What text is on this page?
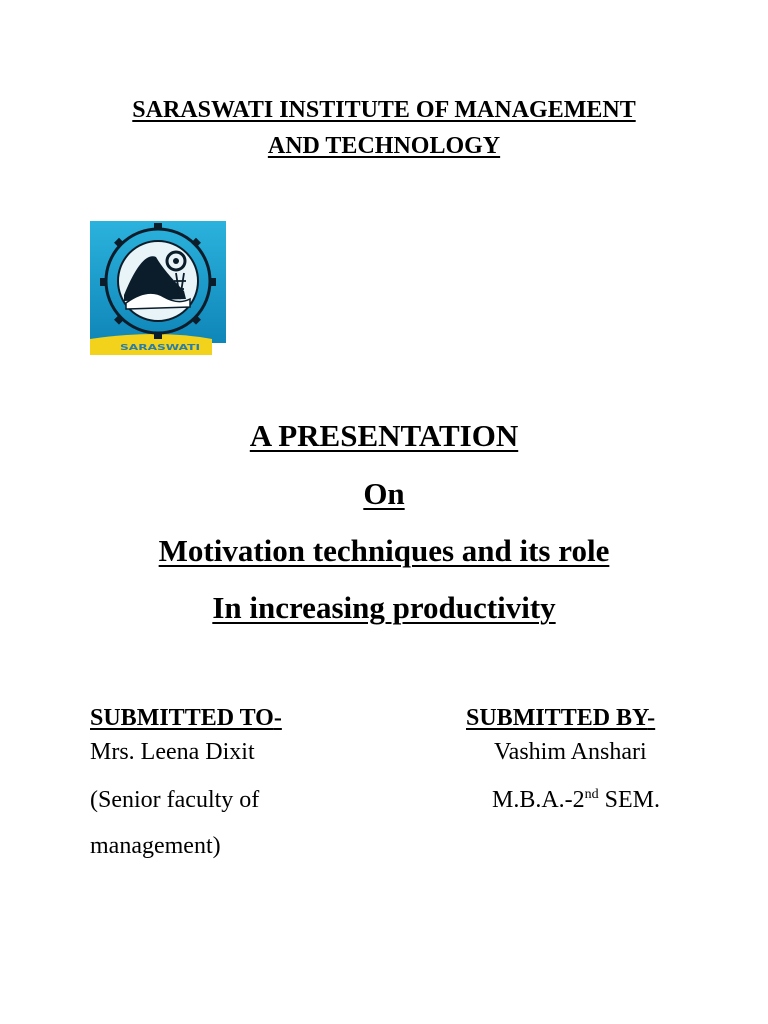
SARASWATI INSTITUTE OF MANAGEMENT
AND TECHNOLOGY
SARASWATI
A PRESENTATION
On
Motivation techniques and its role
In increasing productivity
SUBMITTED TO-
Mrs. Leena Dixit
(Senior faculty of
management)
SUBMITTED BY-
Vashim Anshari
M.B.A.-2nd SEM.
